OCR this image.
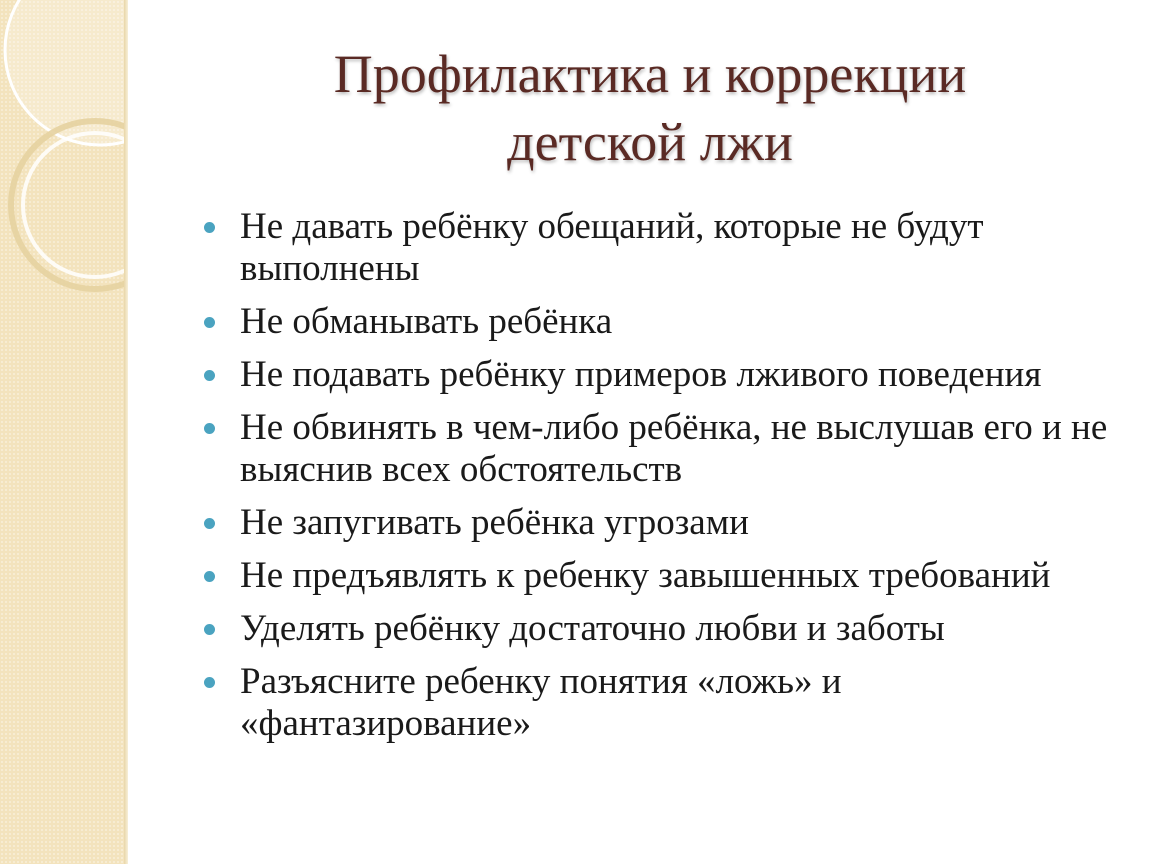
Профилактика и коррекции
детской лжи
Не давать ребёнку обещаний, которые не будут выполнены
Не обманывать ребёнка
Не подавать ребёнку примеров лживого поведения
Не обвинять в чем-либо ребёнка, не выслушав его и не выяснив всех обстоятельств
Не запугивать ребёнка угрозами
Не предъявлять к ребенку завышенных требований
Уделять ребёнку достаточно любви и заботы
Разъясните ребенку понятия «ложь» и «фантазирование»
